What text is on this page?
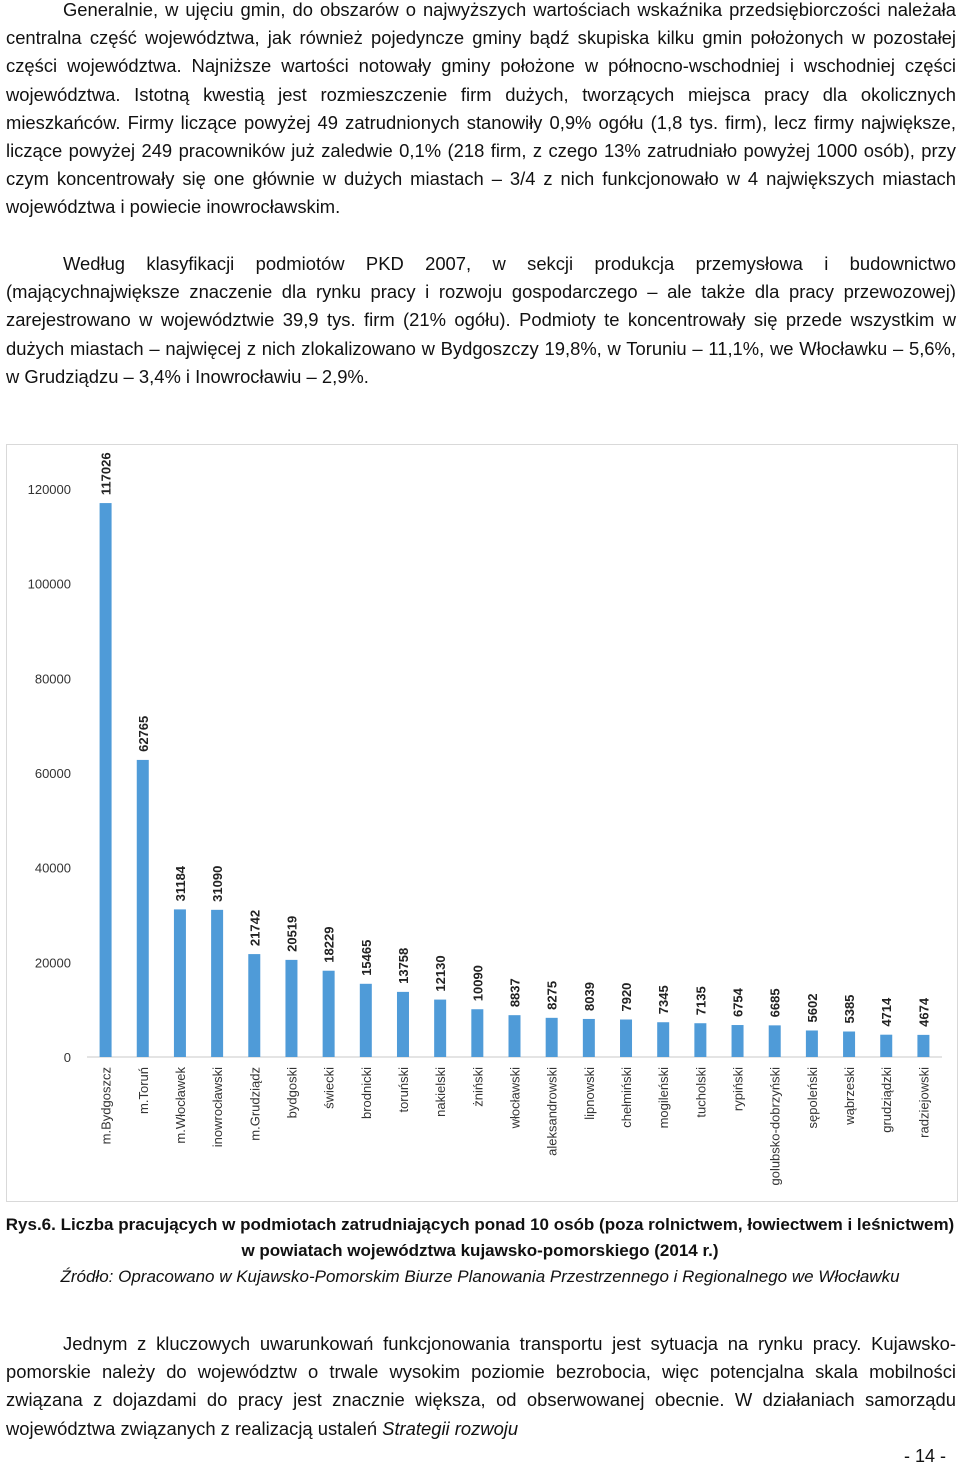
Generalnie, w ujęciu gmin, do obszarów o najwyższych wartościach wskaźnika przedsiębiorczości należała centralna część województwa, jak również pojedyncze gminy bądź skupiska kilku gmin położonych w pozostałej części województwa. Najniższe wartości notowały gminy położone w północno-wschodniej i wschodniej części województwa. Istotną kwestią jest rozmieszczenie firm dużych, tworzących miejsca pracy dla okolicznych mieszkańców. Firmy liczące powyżej 49 zatrudnionych stanowiły 0,9% ogółu (1,8 tys. firm), lecz firmy największe, liczące powyżej 249 pracowników już zaledwie 0,1% (218 firm, z czego 13% zatrudniało powyżej 1000 osób), przy czym koncentrowały się one głównie w dużych miastach – 3/4 z nich funkcjonowało w 4 największych miastach województwa i powiecie inowrocławskim.

Według klasyfikacji podmiotów PKD 2007, w sekcji produkcja przemysłowa i budownictwo (mającychnajwiększe znaczenie dla rynku pracy i rozwoju gospodarczego – ale także dla pracy przewozowej) zarejestrowano w województwie 39,9 tys. firm (21% ogółu). Podmioty te koncentrowały się przede wszystkim w dużych miastach – najwięcej z nich zlokalizowano w Bydgoszczy 19,8%, w Toruniu – 11,1%, we Włocławku – 5,6%, w Grudziądzu – 3,4% i Inowrocławiu – 2,9%.

0
20000
40000
60000
80000
100000
120000 117026
62765
31184 31090
21742 20519 18229 15465 13758 12130 10090 8837 8275 8039 7920 7345 7135 6754 6685 5602 5385 4714 4674
m.Bydgoszcz m.Toruń m.Włocławek inowrocławski m.Grudziądz bydgoski świecki brodnicki toruński nakielski żniński włocławski aleksandrowski lipnowski chełmiński mogileński tucholski rypiński golubsko-dobrzyński sępoleński wąbrzeski grudziądzki radziejowski
Rys.6. Liczba pracujących w podmiotach zatrudniających ponad 10 osób (poza rolnictwem, łowiectwem i leśnictwem) w powiatach województwa kujawsko-pomorskiego (2014 r.)
Źródło: Opracowano w Kujawsko-Pomorskim Biurze Planowania Przestrzennego i Regionalnego we Włocławku

Jednym z kluczowych uwarunkowań funkcjonowania transportu jest sytuacja na rynku pracy. Kujawsko-pomorskie należy do województw o trwale wysokim poziomie bezrobocia, więc potencjalna skala mobilności związana z dojazdami do pracy jest znacznie większa, od obserwowanej obecnie. W działaniach samorządu województwa związanych z realizacją ustaleń Strategii rozwoju

- 14 -
